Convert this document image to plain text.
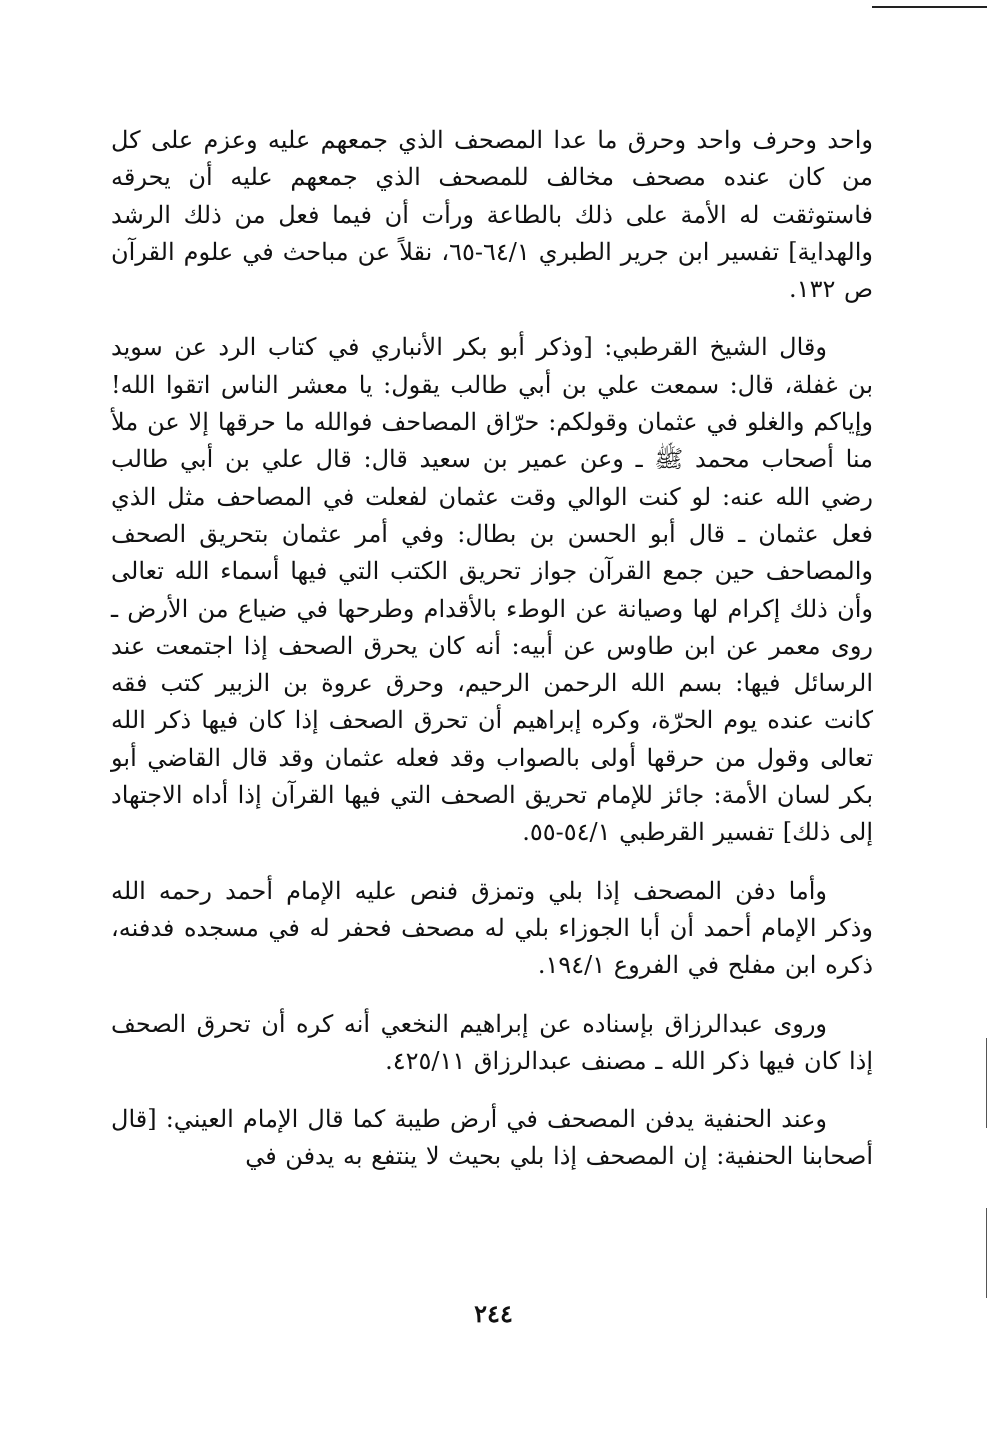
واحد وحرف واحد وحرق ما عدا المصحف الذي جمعهم عليه وعزم على كل من كان عنده مصحف مخالف للمصحف الذي جمعهم عليه أن يحرقه فاستوثقت له الأمة على ذلك بالطاعة ورأت أن فيما فعل من ذلك الرشد والهداية] تفسير ابن جرير الطبري ٦٤/١-٦٥، نقلاً عن مباحث في علوم القرآن ص ١٣٢.

وقال الشيخ القرطبي: [وذكر أبو بكر الأنباري في كتاب الرد عن سويد بن غفلة، قال: سمعت علي بن أبي طالب يقول: يا معشر الناس اتقوا الله! وإياكم والغلو في عثمان وقولكم: حرّاق المصاحف فوالله ما حرقها إلا عن ملأ منا أصحاب محمد ﷺ ـ وعن عمير بن سعيد قال: قال علي بن أبي طالب رضي الله عنه: لو كنت الوالي وقت عثمان لفعلت في المصاحف مثل الذي فعل عثمان ـ قال أبو الحسن بن بطال: وفي أمر عثمان بتحريق الصحف والمصاحف حين جمع القرآن جواز تحريق الكتب التي فيها أسماء الله تعالى وأن ذلك إكرام لها وصيانة عن الوطء بالأقدام وطرحها في ضياع من الأرض ـ روى معمر عن ابن طاوس عن أبيه: أنه كان يحرق الصحف إذا اجتمعت عند الرسائل فيها: بسم الله الرحمن الرحيم، وحرق عروة بن الزبير كتب فقه كانت عنده يوم الحرّة، وكره إبراهيم أن تحرق الصحف إذا كان فيها ذكر الله تعالى وقول من حرقها أولى بالصواب وقد فعله عثمان وقد قال القاضي أبو بكر لسان الأمة: جائز للإمام تحريق الصحف التي فيها القرآن إذا أداه الاجتهاد إلى ذلك] تفسير القرطبي ٥٤/١-٥٥.

وأما دفن المصحف إذا بلي وتمزق فنص عليه الإمام أحمد رحمه الله وذكر الإمام أحمد أن أبا الجوزاء بلي له مصحف فحفر له في مسجده فدفنه، ذكره ابن مفلح في الفروع ١٩٤/١.

وروى عبدالرزاق بإسناده عن إبراهيم النخعي أنه كره أن تحرق الصحف إذا كان فيها ذكر الله ـ مصنف عبدالرزاق ٤٢٥/١١.

وعند الحنفية يدفن المصحف في أرض طيبة كما قال الإمام العيني: [قال أصحابنا الحنفية: إن المصحف إذا بلي بحيث لا ينتفع به يدفن في

٢٤٤
